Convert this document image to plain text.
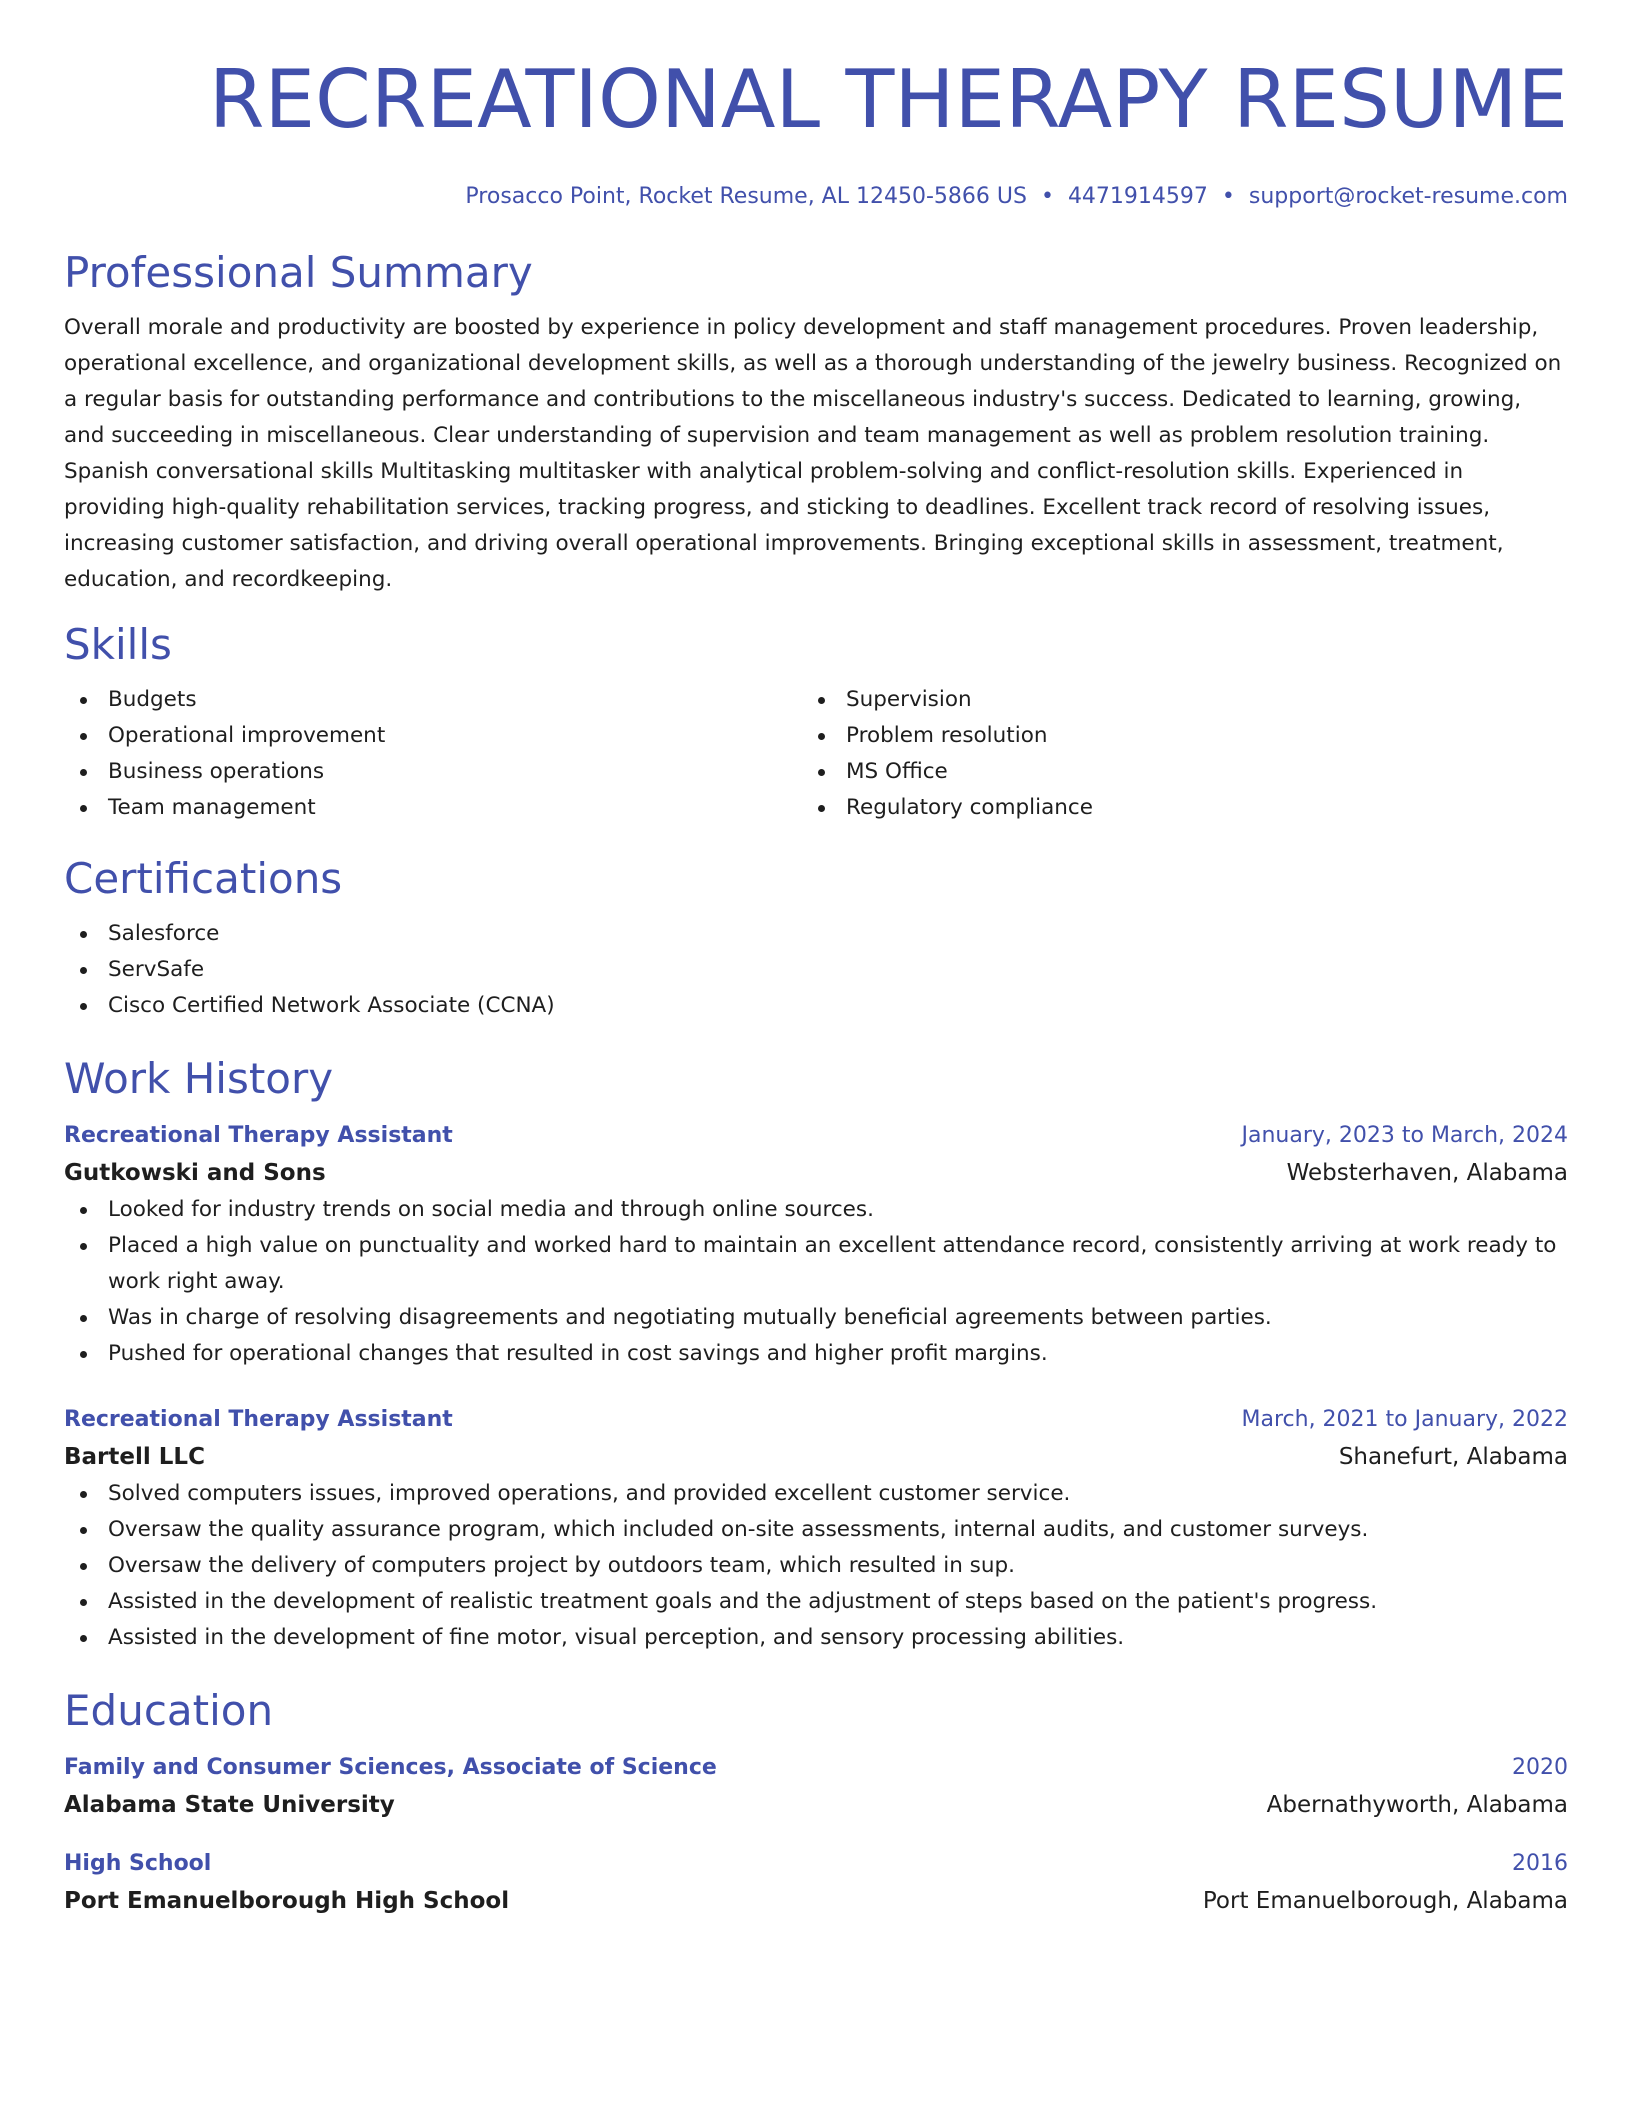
RECREATIONAL THERAPY RESUME
Prosacco Point, Rocket Resume, AL 12450-5866 US • 4471914597 • support@rocket-resume.com
Professional Summary
Overall morale and productivity are boosted by experience in policy development and staff management procedures. Proven leadership, operational excellence, and organizational development skills, as well as a thorough understanding of the jewelry business. Recognized on a regular basis for outstanding performance and contributions to the miscellaneous industry's success. Dedicated to learning, growing, and succeeding in miscellaneous. Clear understanding of supervision and team management as well as problem resolution training. Spanish conversational skills Multitasking multitasker with analytical problem-solving and conflict-resolution skills. Experienced in providing high-quality rehabilitation services, tracking progress, and sticking to deadlines. Excellent track record of resolving issues, increasing customer satisfaction, and driving overall operational improvements. Bringing exceptional skills in assessment, treatment, education, and recordkeeping.
Skills
Budgets
Operational improvement
Business operations
Team management
Supervision
Problem resolution
MS Office
Regulatory compliance
Certifications
Salesforce
ServSafe
Cisco Certified Network Associate (CCNA)
Work History
Recreational Therapy Assistant	January, 2023 to March, 2024
Gutkowski and Sons	Websterhaven, Alabama
Looked for industry trends on social media and through online sources.
Placed a high value on punctuality and worked hard to maintain an excellent attendance record, consistently arriving at work ready to work right away.
Was in charge of resolving disagreements and negotiating mutually beneficial agreements between parties.
Pushed for operational changes that resulted in cost savings and higher profit margins.
Recreational Therapy Assistant	March, 2021 to January, 2022
Bartell LLC	Shanefurt, Alabama
Solved computers issues, improved operations, and provided excellent customer service.
Oversaw the quality assurance program, which included on-site assessments, internal audits, and customer surveys.
Oversaw the delivery of computers project by outdoors team, which resulted in sup.
Assisted in the development of realistic treatment goals and the adjustment of steps based on the patient's progress.
Assisted in the development of fine motor, visual perception, and sensory processing abilities.
Education
Family and Consumer Sciences, Associate of Science	2020
Alabama State University	Abernathyworth, Alabama
High School	2016
Port Emanuelborough High School	Port Emanuelborough, Alabama
